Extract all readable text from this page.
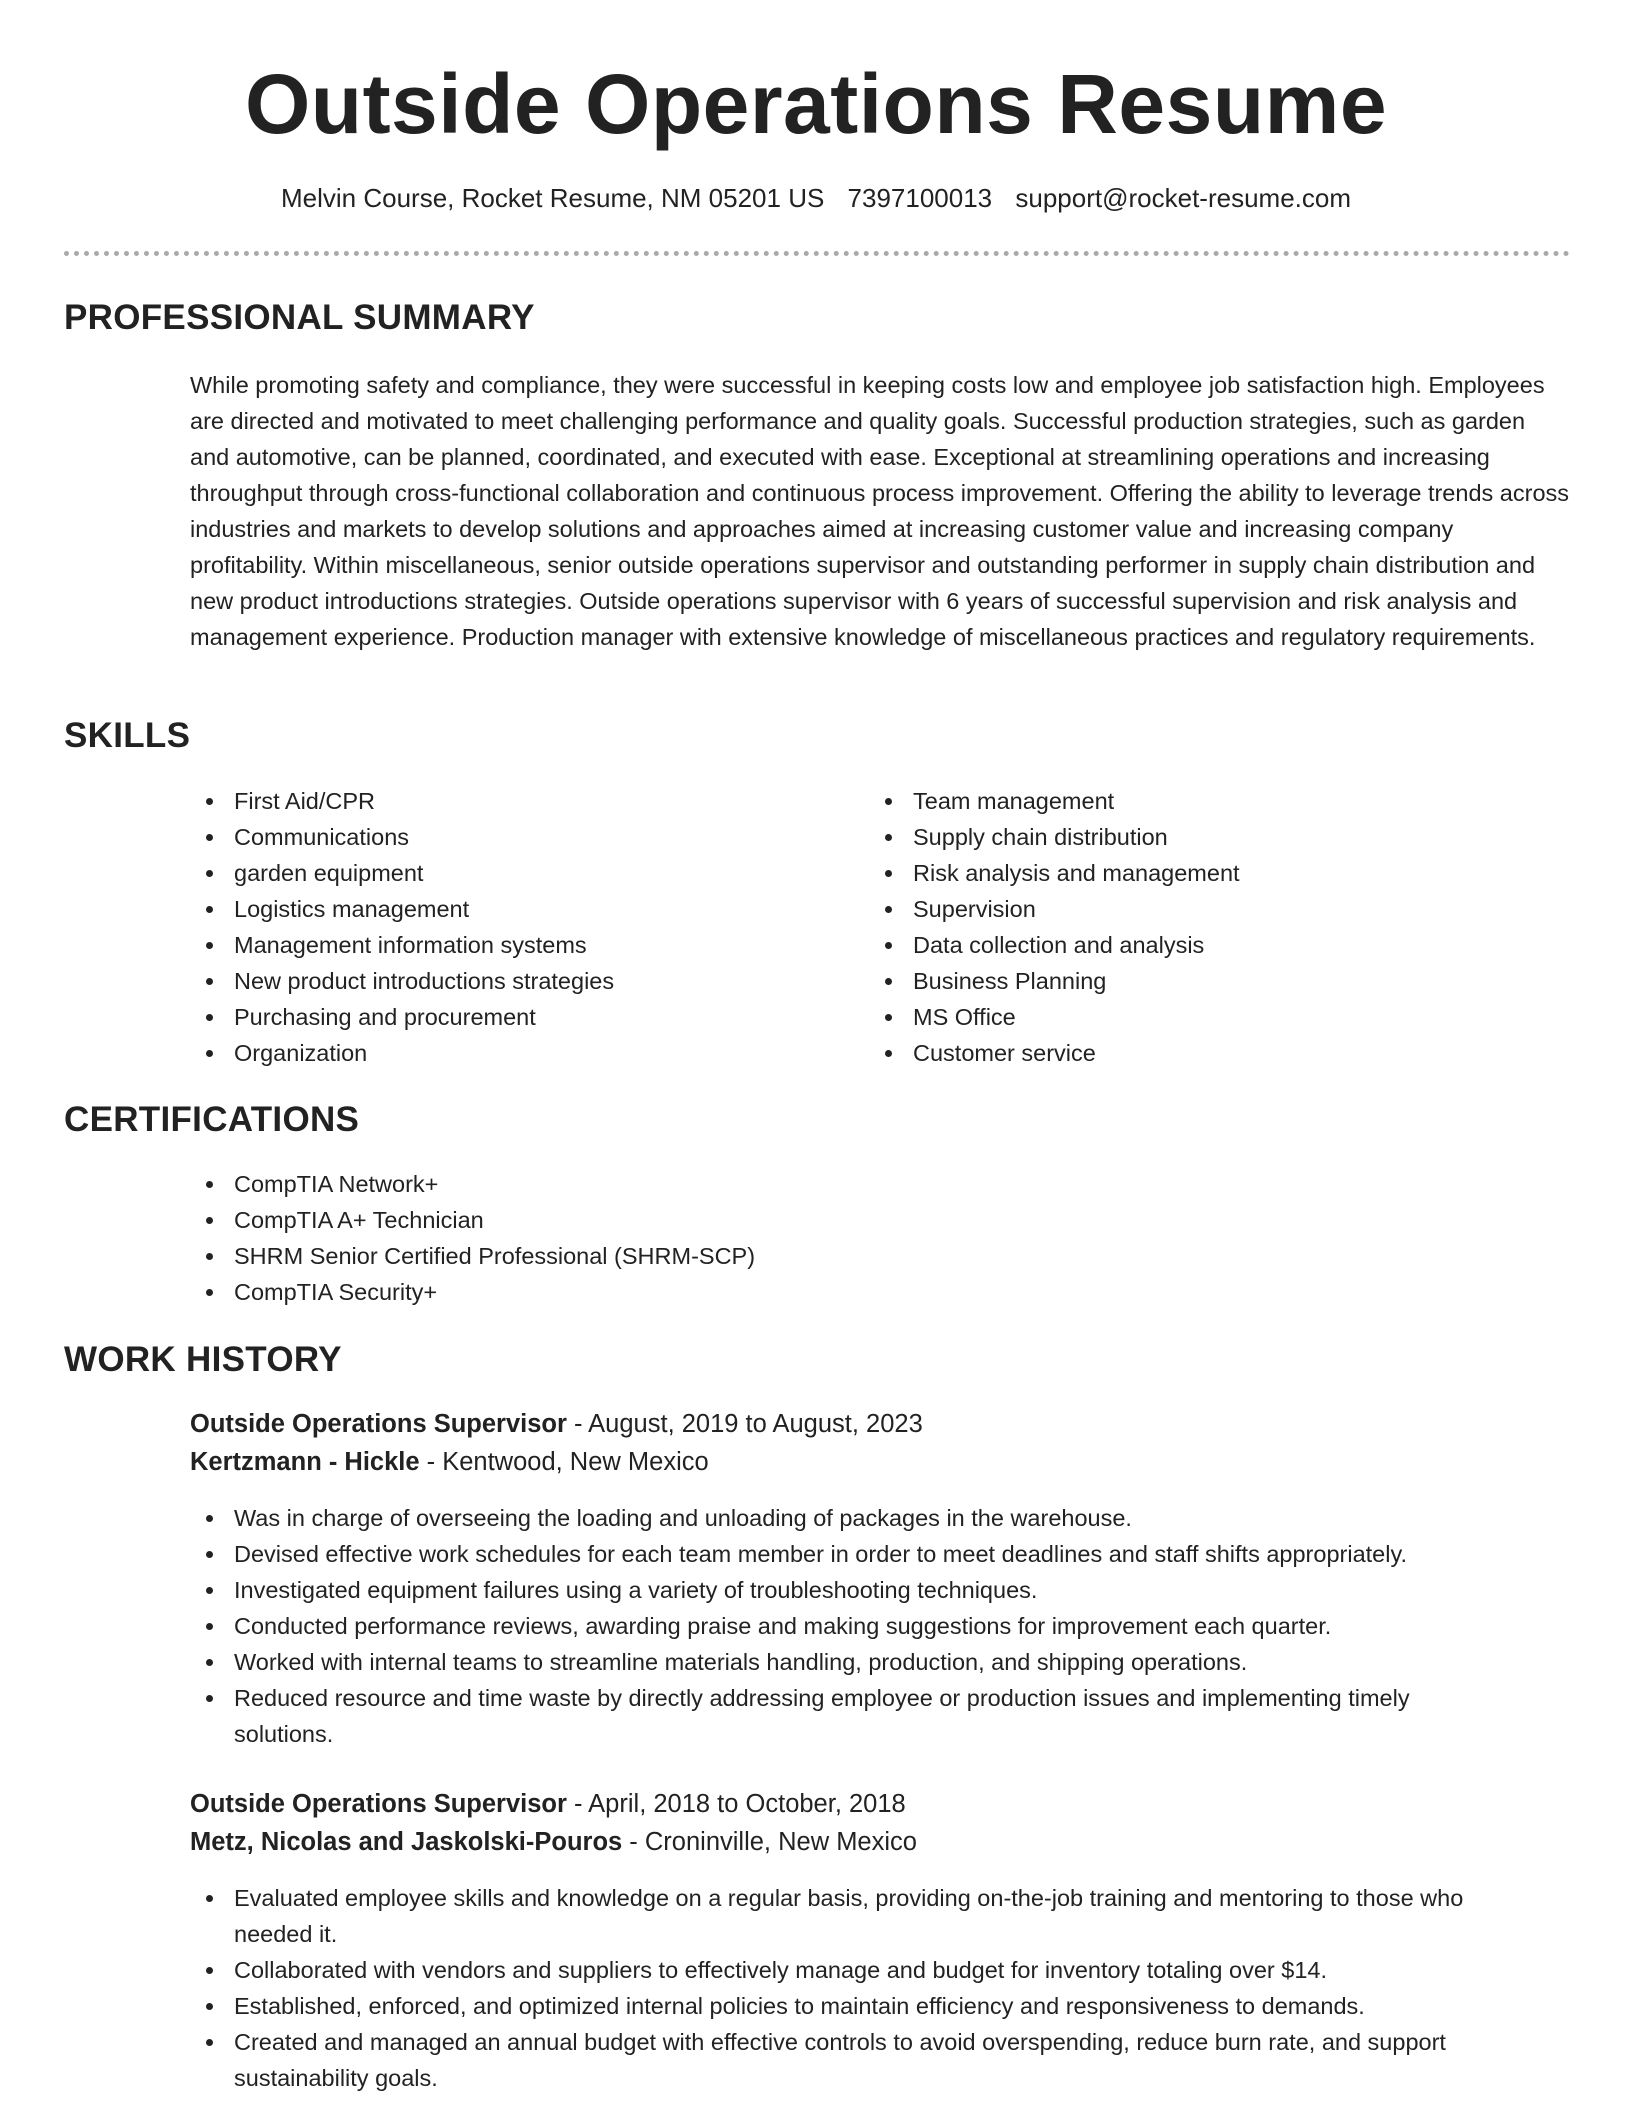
Outside Operations Resume
Melvin Course, Rocket Resume, NM 05201 US 7397100013 support@rocket-resume.com
PROFESSIONAL SUMMARY

While promoting safety and compliance, they were successful in keeping costs low and employee job satisfaction high. Employees are directed and motivated to meet challenging performance and quality goals. Successful production strategies, such as garden and automotive, can be planned, coordinated, and executed with ease. Exceptional at streamlining operations and increasing throughput through cross-functional collaboration and continuous process improvement. Offering the ability to leverage trends across industries and markets to develop solutions and approaches aimed at increasing customer value and increasing company profitability. Within miscellaneous, senior outside operations supervisor and outstanding performer in supply chain distribution and new product introductions strategies. Outside operations supervisor with 6 years of successful supervision and risk analysis and management experience. Production manager with extensive knowledge of miscellaneous practices and regulatory requirements.

SKILLS
First Aid/CPR
Communications
garden equipment
Logistics management
Management information systems
New product introductions strategies
Purchasing and procurement
Organization
Team management
Supply chain distribution
Risk analysis and management
Supervision
Data collection and analysis
Business Planning
MS Office
Customer service
CERTIFICATIONS
CompTIA Network+
CompTIA A+ Technician
SHRM Senior Certified Professional (SHRM-SCP)
CompTIA Security+
WORK HISTORY
Outside Operations Supervisor - August, 2019 to August, 2023
Kertzmann - Hickle - Kentwood, New Mexico
Was in charge of overseeing the loading and unloading of packages in the warehouse.
Devised effective work schedules for each team member in order to meet deadlines and staff shifts appropriately.
Investigated equipment failures using a variety of troubleshooting techniques.
Conducted performance reviews, awarding praise and making suggestions for improvement each quarter.
Worked with internal teams to streamline materials handling, production, and shipping operations.
Reduced resource and time waste by directly addressing employee or production issues and implementing timely solutions.
Outside Operations Supervisor - April, 2018 to October, 2018
Metz, Nicolas and Jaskolski-Pouros - Croninville, New Mexico
Evaluated employee skills and knowledge on a regular basis, providing on-the-job training and mentoring to those who needed it.
Collaborated with vendors and suppliers to effectively manage and budget for inventory totaling over $14.
Established, enforced, and optimized internal policies to maintain efficiency and responsiveness to demands.
Created and managed an annual budget with effective controls to avoid overspending, reduce burn rate, and support sustainability goals.
